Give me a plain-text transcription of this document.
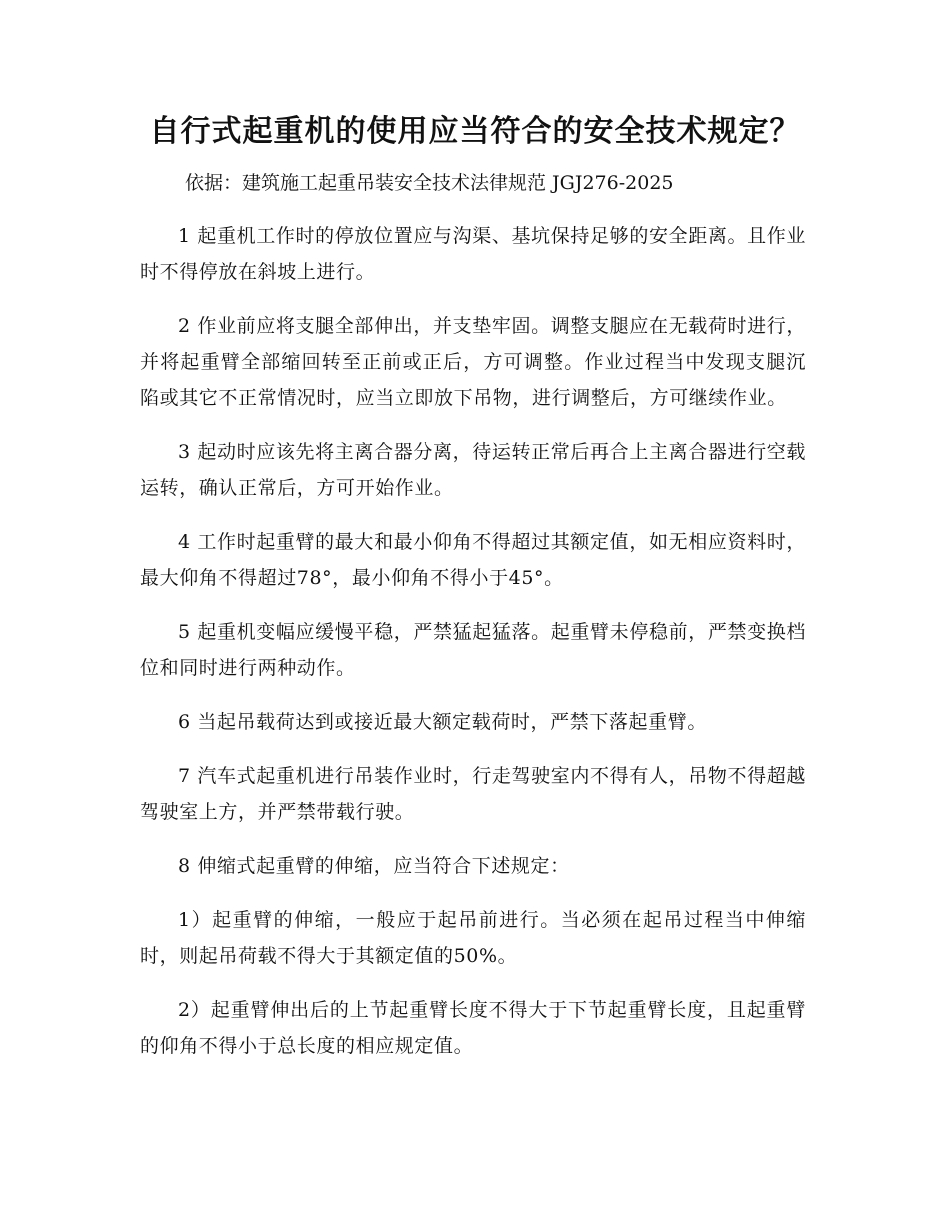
自行式起重机的使用应当符合的安全技术规定？

依据：建筑施工起重吊装安全技术法律规范 JGJ276-2025

1 起重机工作时的停放位置应与沟渠、基坑保持足够的安全距离。且作业时不得停放在斜坡上进行。

2 作业前应将支腿全部伸出，并支垫牢固。调整支腿应在无载荷时进行，并将起重臂全部缩回转至正前或正后，方可调整。作业过程当中发现支腿沉陷或其它不正常情况时，应当立即放下吊物，进行调整后，方可继续作业。

3 起动时应该先将主离合器分离，待运转正常后再合上主离合器进行空载运转，确认正常后，方可开始作业。

4 工作时起重臂的最大和最小仰角不得超过其额定值，如无相应资料时，最大仰角不得超过78°，最小仰角不得小于45°。

5 起重机变幅应缓慢平稳，严禁猛起猛落。起重臂未停稳前，严禁变换档位和同时进行两种动作。

6 当起吊载荷达到或接近最大额定载荷时，严禁下落起重臂。

7 汽车式起重机进行吊装作业时，行走驾驶室内不得有人，吊物不得超越驾驶室上方，并严禁带载行驶。

8 伸缩式起重臂的伸缩，应当符合下述规定：

1）起重臂的伸缩，一般应于起吊前进行。当必须在起吊过程当中伸缩时，则起吊荷载不得大于其额定值的50%。

2）起重臂伸出后的上节起重臂长度不得大于下节起重臂长度，且起重臂的仰角不得小于总长度的相应规定值。
